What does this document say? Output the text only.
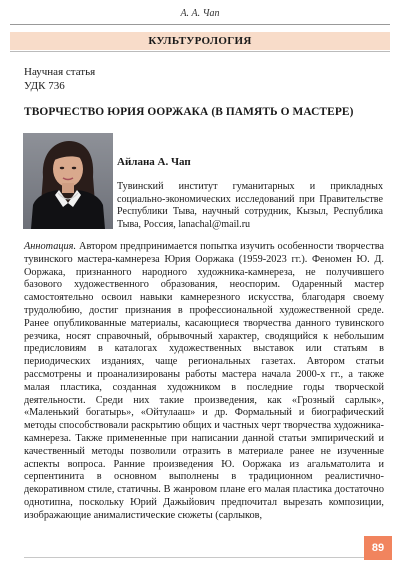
А. А. Чап
КУЛЬТУРОЛОГИЯ
Научная статья
УДК 736
ТВОРЧЕСТВО ЮРИЯ ООРЖАКА (В ПАМЯТЬ О МАСТЕРЕ)
Айлана А. Чап
Тувинский институт гуманитарных и прикладных социально-экономических исследований при Правительстве Республики Тыва, научный сотрудник, Кызыл, Республика Тыва, Россия, lanachal@mail.ru

Аннотация. Автором предпринимается попытка изучить особенности творчества тувинского мастера-камнереза Юрия Ооржака (1959-2023 гг.). Феномен Ю. Д. Ооржака, признанного народного художника-камнереза, не получившего базового художественного образования, неоспорим. Одаренный мастер самостоятельно освоил навыки камнерезного искусства, благодаря своему трудолюбию, достиг признания в профессиональной художественной среде. Ранее опубликованные материалы, касающиеся творчества данного тувинского резчика, носят справочный, обрывочный характер, сводящийся к небольшим предисловиям в каталогах художественных выставок или статьям в периодических изданиях, чаще региональных газетах. Автором статьи рассмотрены и проанализированы работы мастера начала 2000-х гг., а также малая пластика, созданная художником в последние годы творческой деятельности. Среди них такие произведения, как «Грозный сарлык», «Маленький богатырь», «Ойтулааш» и др. Формальный и биографический методы способствовали раскрытию общих и частных черт творчества художника-камнереза. Также примененные при написании данной статьи эмпирический и качественный методы позволили отразить в материале ранее не изученные аспекты вопроса. Ранние произведения Ю. Ооржака из агальматолита и серпентинита в основном выполнены в традиционном реалистично-декоративном стиле, статичны. В жанровом плане его малая пластика достаточно однотипна, поскольку Юрий Дажыйович предпочитал вырезать композиции, изображающие анималистические сюжеты (сарлыков,

89
